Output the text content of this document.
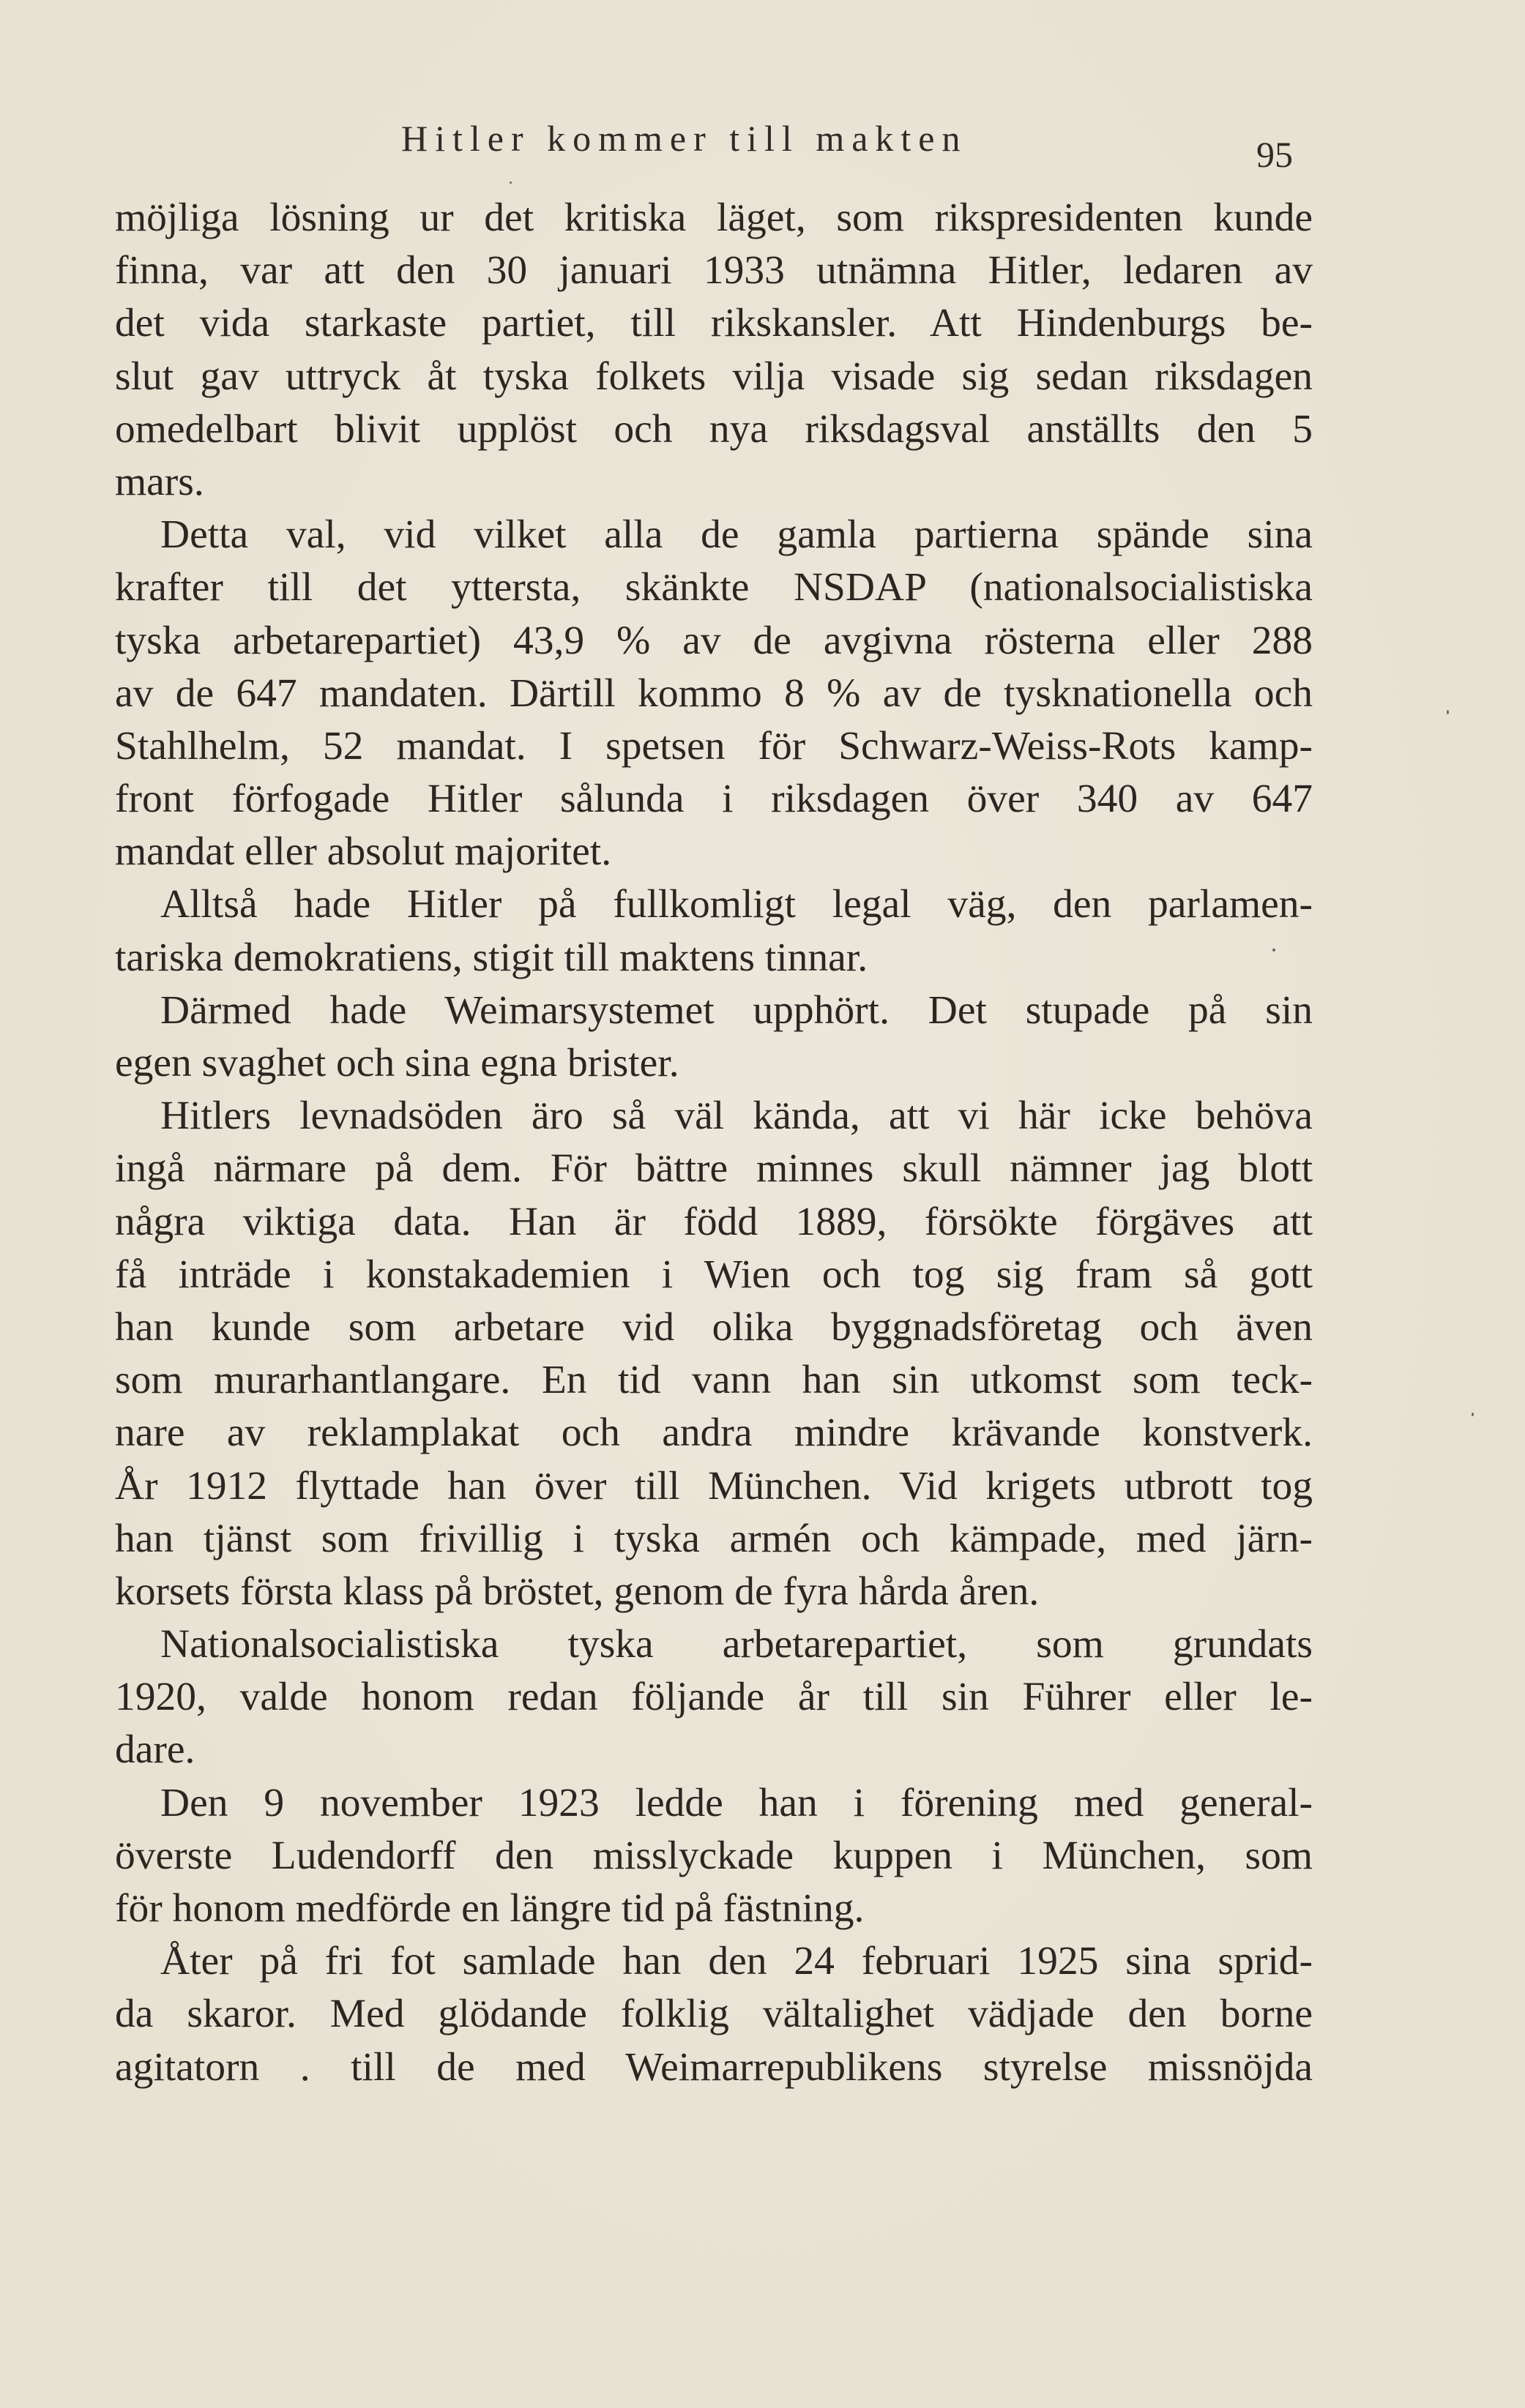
Hitler kommer till makten	95
möjliga lösning ur det kritiska läget, som rikspresidenten kunde
finna, var att den 30 januari 1933 utnämna Hitler, ledaren av
det vida starkaste partiet, till rikskansler. Att Hindenburgs be-
slut gav uttryck åt tyska folkets vilja visade sig sedan riksdagen
omedelbart blivit upplöst och nya riksdagsval anställts den 5
mars.
Detta val, vid vilket alla de gamla partierna spände sina
krafter till det yttersta, skänkte NSDAP (nationalsocialistiska
tyska arbetarepartiet) 43,9 % av de avgivna rösterna eller 288
av de 647 mandaten. Därtill kommo 8 % av de tysknationella och
Stahlhelm, 52 mandat. I spetsen för Schwarz-Weiss-Rots kamp-
front förfogade Hitler sålunda i riksdagen över 340 av 647
mandat eller absolut majoritet.
Alltså hade Hitler på fullkomligt legal väg, den parlamen-
tariska demokratiens, stigit till maktens tinnar.
Därmed hade Weimarsystemet upphört. Det stupade på sin
egen svaghet och sina egna brister.
Hitlers levnadsöden äro så väl kända, att vi här icke behöva
ingå närmare på dem. För bättre minnes skull nämner jag blott
några viktiga data. Han är född 1889, försökte förgäves att
få inträde i konstakademien i Wien och tog sig fram så gott
han kunde som arbetare vid olika byggnadsföretag och även
som murarhantlangare. En tid vann han sin utkomst som teck-
nare av reklamplakat och andra mindre krävande konstverk.
År 1912 flyttade han över till München. Vid krigets utbrott tog
han tjänst som frivillig i tyska armén och kämpade, med järn-
korsets första klass på bröstet, genom de fyra hårda åren.
Nationalsocialistiska tyska arbetarepartiet, som grundats
1920, valde honom redan följande år till sin Führer eller le-
dare.
Den 9 november 1923 ledde han i förening med general-
överste Ludendorff den misslyckade kuppen i München, som
för honom medförde en längre tid på fästning.
Åter på fri fot samlade han den 24 februari 1925 sina sprid-
da skaror. Med glödande folklig vältalighet vädjade den borne
agitatorn . till de med Weimarrepublikens styrelse missnöjda
